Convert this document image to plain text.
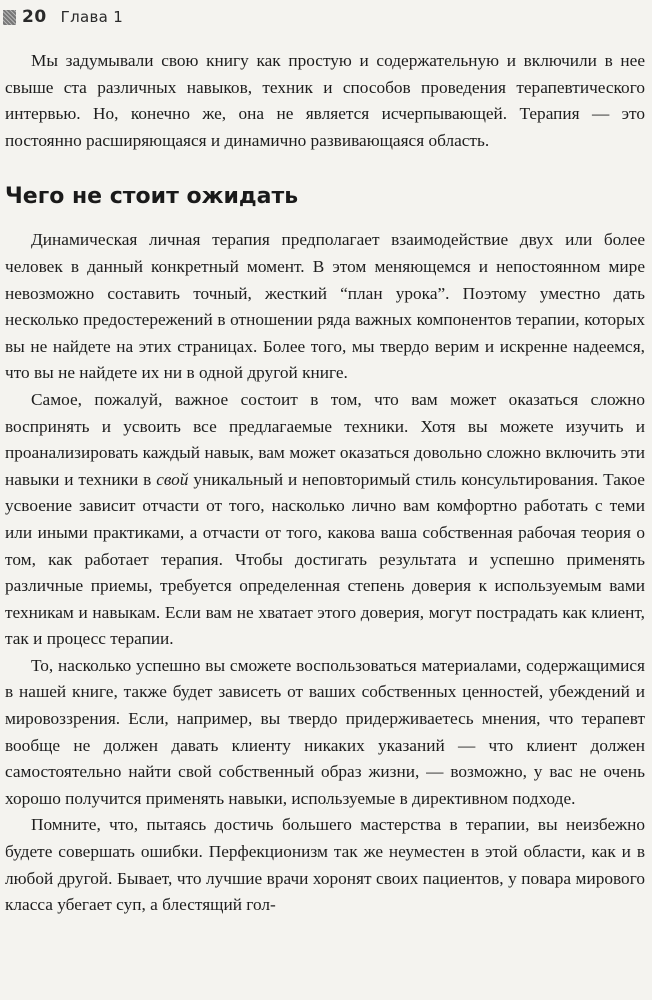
20 Глава 1

Мы задумывали свою книгу как простую и содержательную и включили в нее свыше ста различных навыков, техник и способов проведения терапевтического интервью. Но, конечно же, она не является исчерпывающей. Терапия — это постоянно расширяющаяся и динамично развивающаяся область.

Чего не стоит ожидать

Динамическая личная терапия предполагает взаимодействие двух или более человек в данный конкретный момент. В этом меняющемся и непостоянном мире невозможно составить точный, жесткий “план урока”. Поэтому уместно дать несколько предостережений в отношении ряда важных компонентов терапии, которых вы не найдете на этих страницах. Более того, мы твердо верим и искренне надеемся, что вы не найдете их ни в одной другой книге.

Самое, пожалуй, важное состоит в том, что вам может оказаться сложно воспринять и усвоить все предлагаемые техники. Хотя вы можете изучить и проанализировать каждый навык, вам может оказаться довольно сложно включить эти навыки и техники в свой уникальный и неповторимый стиль консультирования. Такое усвоение зависит отчасти от того, насколько лично вам комфортно работать с теми или иными практиками, а отчасти от того, какова ваша собственная рабочая теория о том, как работает терапия. Чтобы достигать результата и успешно применять различные приемы, требуется определенная степень доверия к используемым вами техникам и навыкам. Если вам не хватает этого доверия, могут пострадать как клиент, так и процесс терапии.

То, насколько успешно вы сможете воспользоваться материалами, содержащимися в нашей книге, также будет зависеть от ваших собственных ценностей, убеждений и мировоззрения. Если, например, вы твердо придерживаетесь мнения, что терапевт вообще не должен давать клиенту никаких указаний — что клиент должен самостоятельно найти свой собственный образ жизни, — возможно, у вас не очень хорошо получится применять навыки, используемые в директивном подходе.

Помните, что, пытаясь достичь большего мастерства в терапии, вы неизбежно будете совершать ошибки. Перфекционизм так же неуместен в этой области, как и в любой другой. Бывает, что лучшие врачи хоронят своих пациентов, у повара мирового класса убегает суп, а блестящий гол-
